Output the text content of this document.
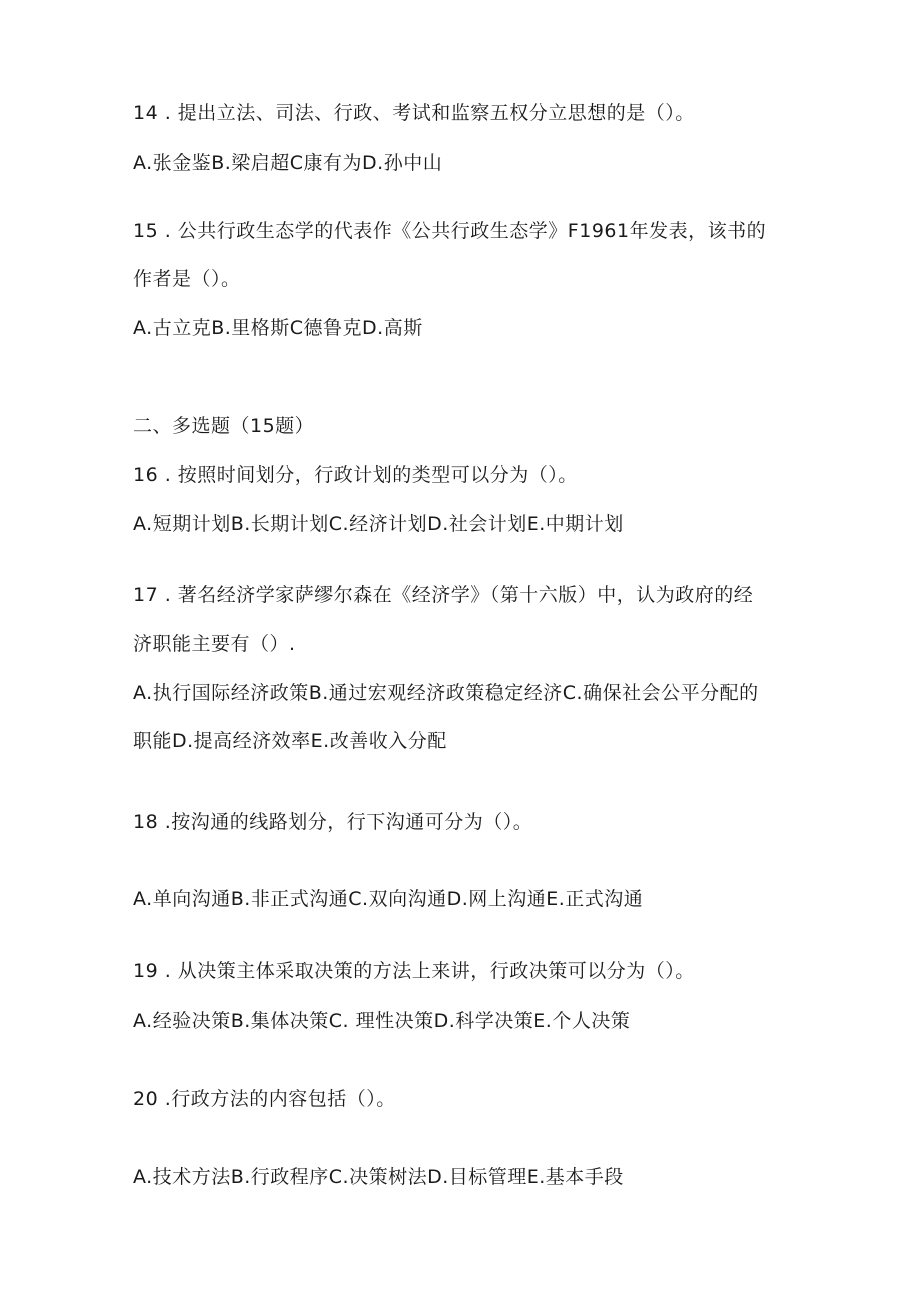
14 . 提出立法、司法、行政、考试和监察五权分立思想的是（）。
A.张金鉴B.梁启超C康有为D.孙中山
15 . 公共行政生态学的代表作《公共行政生态学》F1961年发表，该书的
作者是（）。
A.古立克B.里格斯C德鲁克D.高斯
二、多选题（15题）
16 . 按照时间划分，行政计划的类型可以分为（）。
A.短期计划B.长期计划C.经济计划D.社会计划E.中期计划
17 . 著名经济学家萨缪尔森在《经济学》（第十六版）中，认为政府的经
济职能主要有（）.
A.执行国际经济政策B.通过宏观经济政策稳定经济C.确保社会公平分配的
职能D.提高经济效率E.改善收入分配
18 .按沟通的线路划分，行下沟通可分为（）。
A.单向沟通B.非正式沟通C.双向沟通D.网上沟通E.正式沟通
19 . 从决策主体采取决策的方法上来讲，行政决策可以分为（）。
A.经验决策B.集体决策C. 理性决策D.科学决策E.个人决策
20 .行政方法的内容包括（）。
A.技术方法B.行政程序C.决策树法D.目标管理E.基本手段
